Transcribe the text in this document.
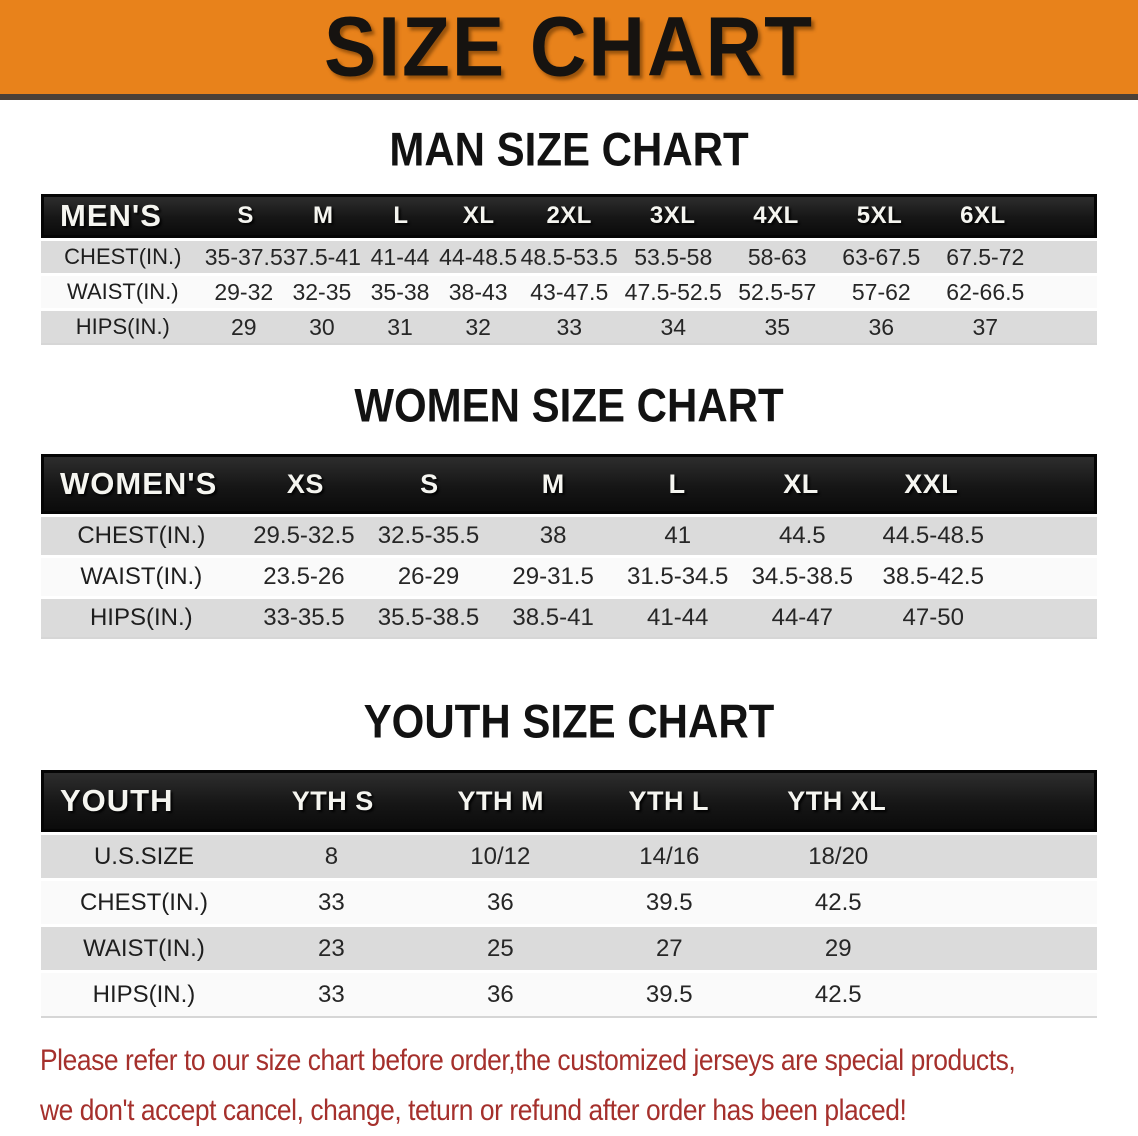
SIZE CHART
MAN SIZE CHART
MEN'S	S	M	L	XL	2XL	3XL	4XL	5XL	6XL
CHEST(IN.)	35-37.5 37.5-41 41-44 44-48.5 48.5-53.5 53.5-58	58-63	63-67.5	67.5-72
WAIST(IN.)	29-32 32-35 35-38 38-43 43-47.5 47.5-52.5 52.5-57	57-62	62-66.5
HIPS(IN.)	29	30	31	32	33	34	35	36	37
WOMEN SIZE CHART
WOMEN'S	XS	S	M	L	XL	XXL
CHEST(IN.)	29.5-32.5 32.5-35.5	38	41	44.5	44.5-48.5
WAIST(IN.)	23.5-26	26-29	29-31.5	31.5-34.5 34.5-38.5	38.5-42.5
HIPS(IN.)	33-35.5	35.5-38.5	38.5-41	41-44	44-47	47-50
YOUTH SIZE CHART
YOUTH	YTH S	YTH M	YTH L	YTH XL
U.S.SIZE	8	10/12	14/16	18/20
CHEST(IN.)	33	36	39.5	42.5
WAIST(IN.)	23	25	27	29
HIPS(IN.)	33	36	39.5	42.5
Please refer to our size chart before order,the customized jerseys are special products,
we don't accept cancel, change, teturn or refund after order has been placed!
